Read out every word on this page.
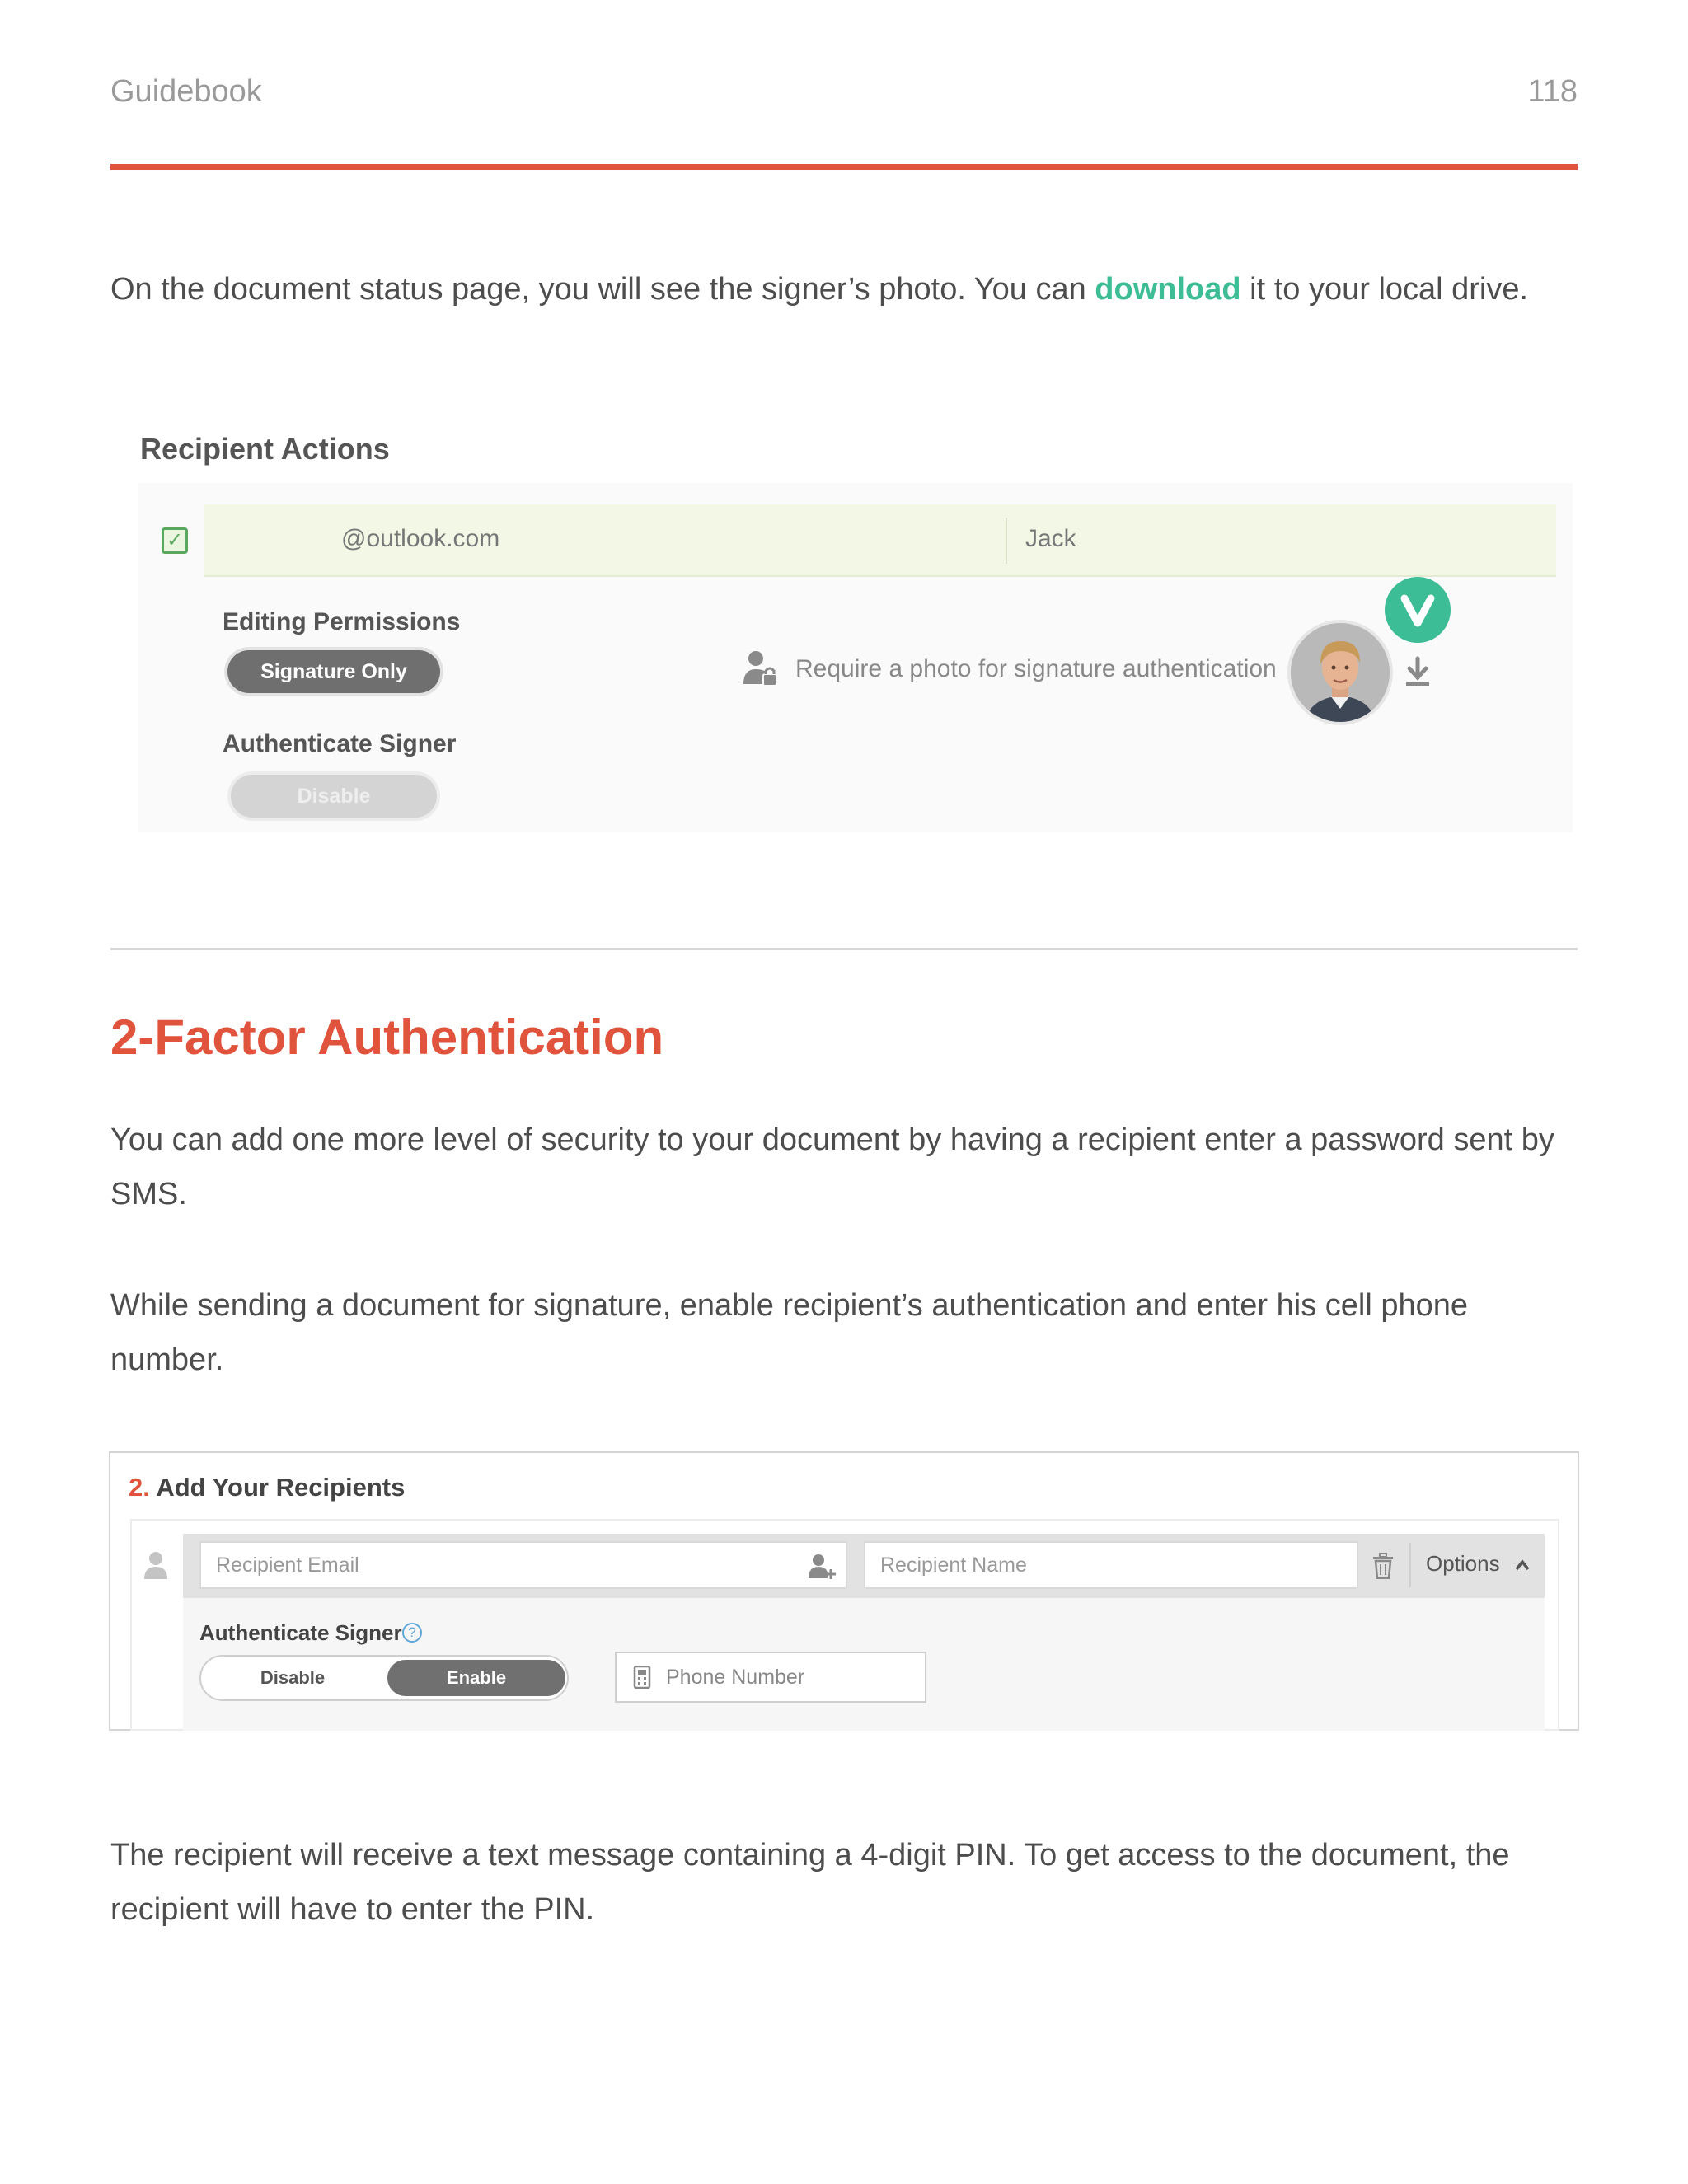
Guidebook	118

On the document status page, you will see the signer’s photo. You can download it to your local drive.

Recipient Actions
✓	@outlook.com	Jack
Editing Permissions
Signature Only
Authenticate Signer
Disable
Require a photo for signature authentication
2-Factor Authentication

You can add one more level of security to your document by having a recipient enter a password sent by SMS.

While sending a document for signature, enable recipient’s authentication and enter his cell phone number.

2. Add Your Recipients
Recipient Email	Recipient Name	Options
Authenticate Signer ?
Disable	Enable	Phone Number

The recipient will receive a text message containing a 4-digit PIN. To get access to the document, the recipient will have to enter the PIN.
